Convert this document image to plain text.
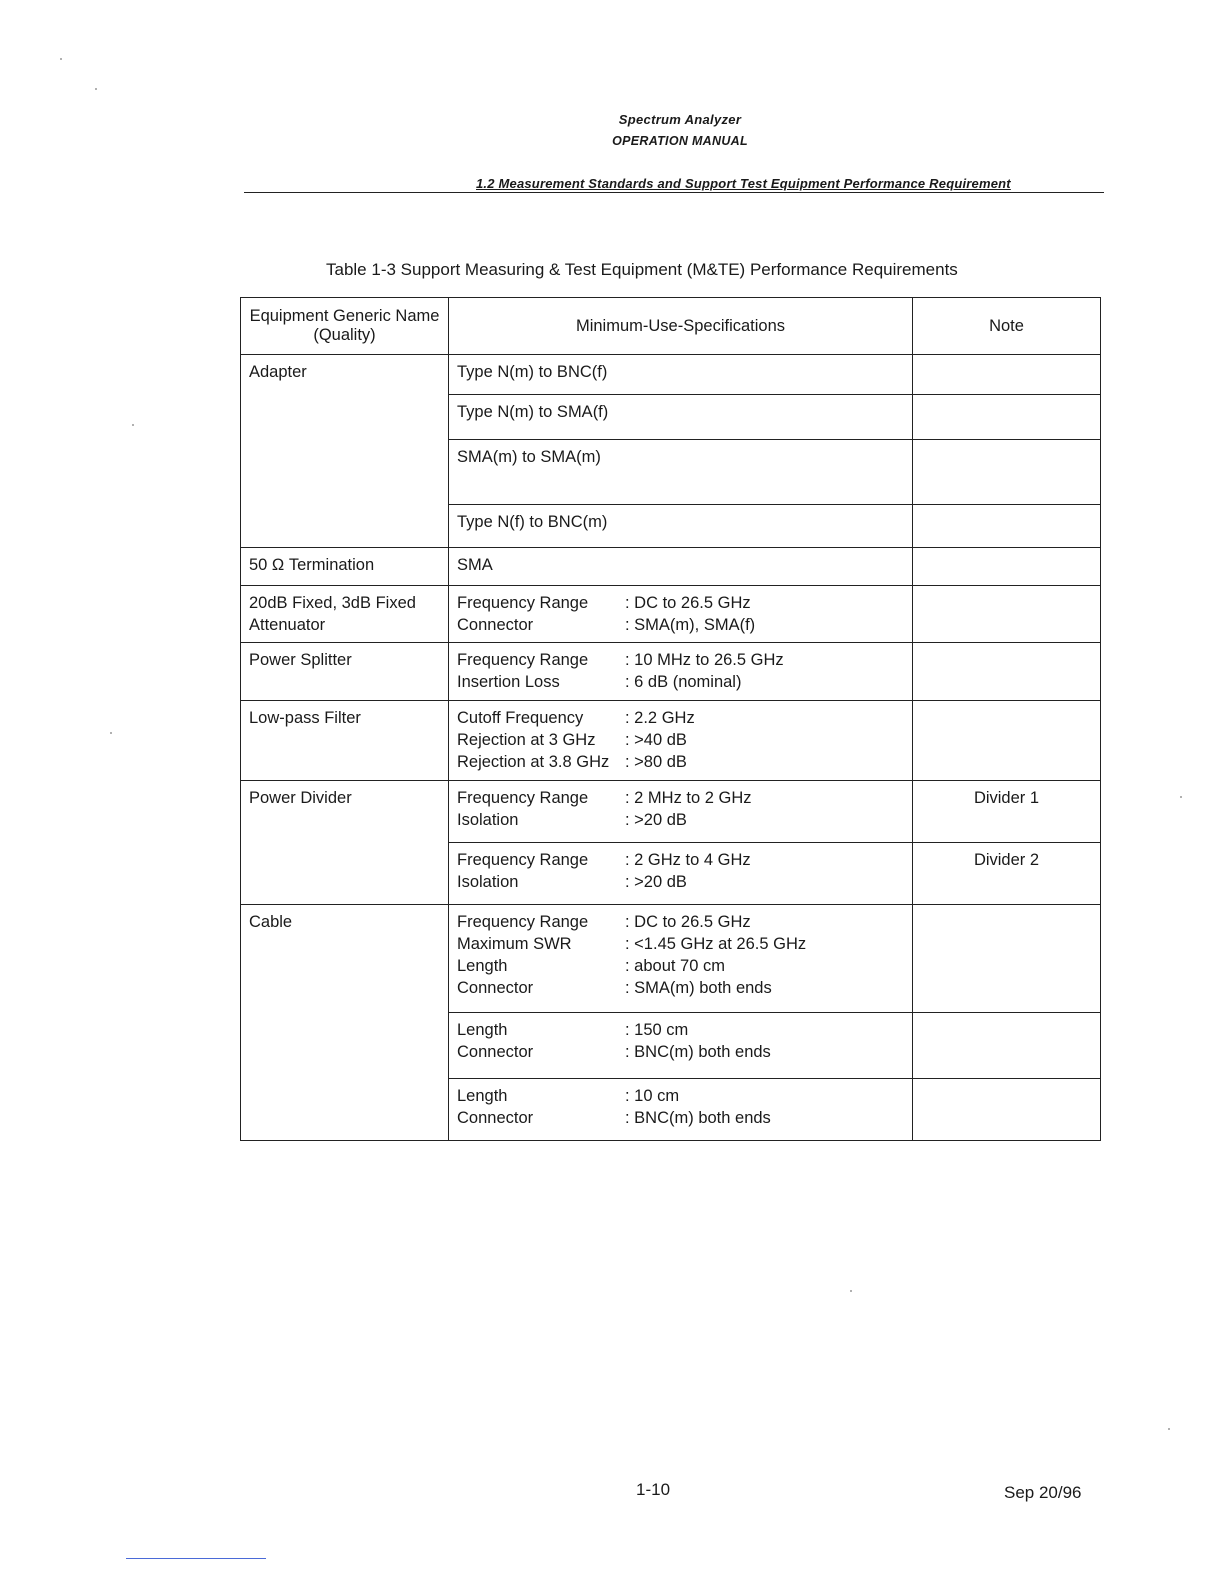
Spectrum Analyzer
OPERATION MANUAL
1.2 Measurement Standards and Support Test Equipment Performance Requirement
Table 1-3 Support Measuring & Test Equipment (M&TE) Performance Requirements
Equipment Generic Name (Quality)	Minimum-Use-Specifications	Note

Adapter	Type N(m) to BNC(f)	

	Type N(m) to SMA(f)	

	SMA(m) to SMA(m)	

	Type N(f) to BNC(m)	

50 Ω Termination	SMA	

20dB Fixed, 3dB Fixed Attenuator	Frequency Range : DC to 26.5 GHz
Connector : SMA(m), SMA(f)	

Power Splitter	Frequency Range : 10 MHz to 26.5 GHz
Insertion Loss : 6 dB (nominal)	

Low-pass Filter	Cutoff Frequency : 2.2 GHz
Rejection at 3 GHz : >40 dB
Rejection at 3.8 GHz : >80 dB	

Power Divider	Frequency Range : 2 MHz to 2 GHz
Isolation : >20 dB	Divider 1

	Frequency Range : 2 GHz to 4 GHz
Isolation : >20 dB	Divider 2

Cable	Frequency Range : DC to 26.5 GHz
Maximum SWR : <1.45 GHz at 26.5 GHz
Length : about 70 cm
Connector : SMA(m) both ends	

	Length : 150 cm
Connector : BNC(m) both ends	

	Length : 10 cm
Connector : BNC(m) both ends	

1-10	Sep 20/96
